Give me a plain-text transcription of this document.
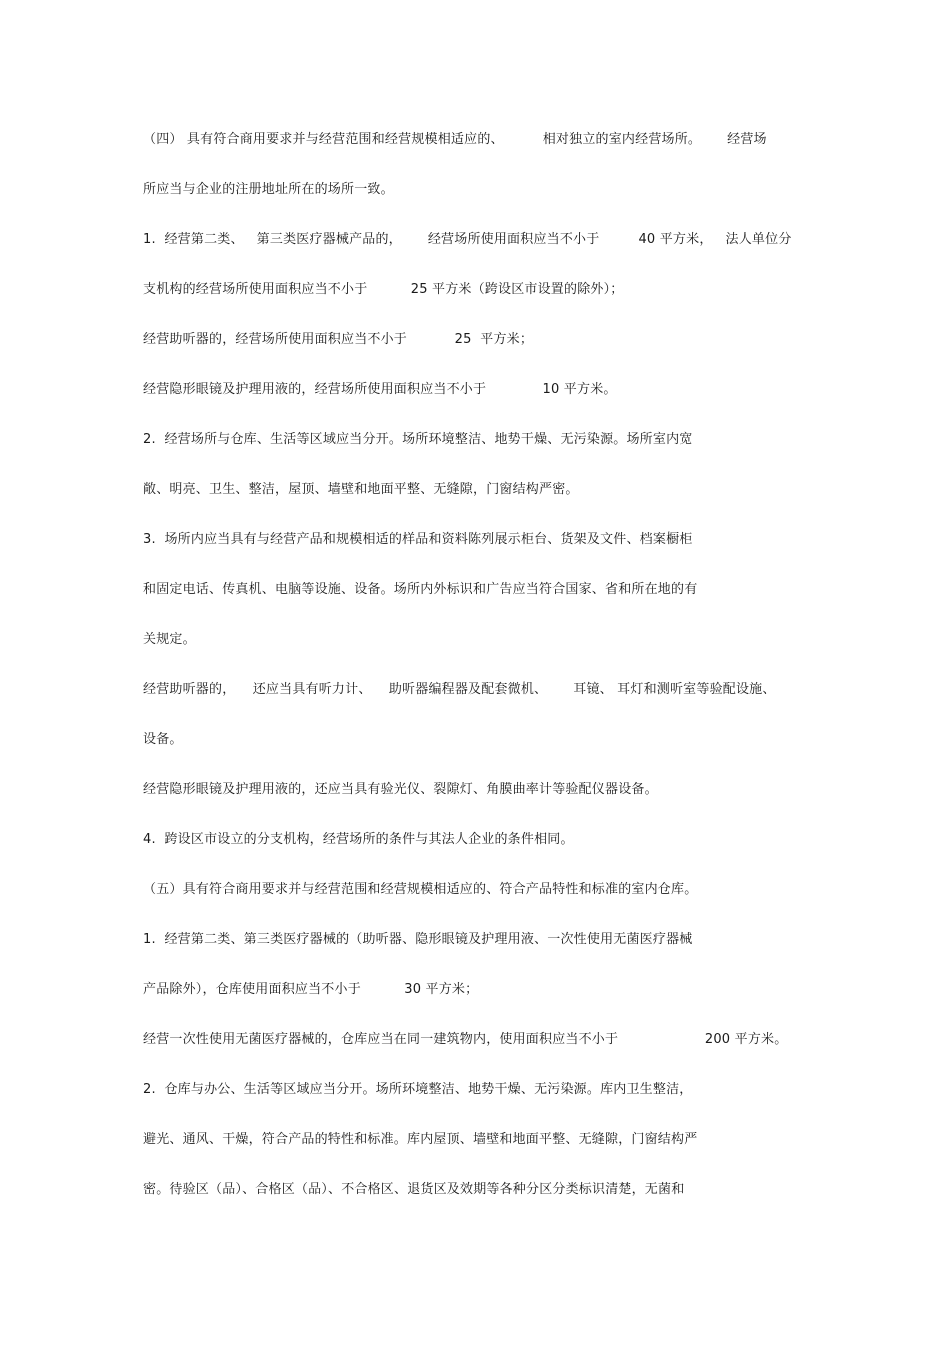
（四） 具有符合商用要求并与经营范围和经营规模相适应的、         相对独立的室内经营场所。      经营场
所应当与企业的注册地址所在的场所一致。
1.  经营第二类、   第三类医疗器械产品的，      经营场所使用面积应当不小于         40 平方米，   法人单位分
支机构的经营场所使用面积应当不小于          25 平方米（跨设区市设置的除外）；
经营助听器的，经营场所使用面积应当不小于           25  平方米；
经营隐形眼镜及护理用液的，经营场所使用面积应当不小于             10 平方米。
2.  经营场所与仓库、生活等区域应当分开。场所环境整洁、地势干燥、无污染源。场所室内宽
敞、明亮、卫生、整洁，屋顶、墙壁和地面平整、无缝隙，门窗结构严密。
3.  场所内应当具有与经营产品和规模相适的样品和资料陈列展示柜台、货架及文件、档案橱柜
和固定电话、传真机、电脑等设施、设备。场所内外标识和广告应当符合国家、省和所在地的有
关规定。
经营助听器的，    还应当具有听力计、    助听器编程器及配套微机、      耳镜、 耳灯和测听室等验配设施、
设备。
经营隐形眼镜及护理用液的，还应当具有验光仪、裂隙灯、角膜曲率计等验配仪器设备。
4.  跨设区市设立的分支机构，经营场所的条件与其法人企业的条件相同。
（五）具有符合商用要求并与经营范围和经营规模相适应的、符合产品特性和标准的室内仓库。
1.  经营第二类、第三类医疗器械的（助听器、隐形眼镜及护理用液、一次性使用无菌医疗器械
产品除外），仓库使用面积应当不小于          30 平方米；
经营一次性使用无菌医疗器械的，仓库应当在同一建筑物内，使用面积应当不小于                    200 平方米。
2.  仓库与办公、生活等区域应当分开。场所环境整洁、地势干燥、无污染源。库内卫生整洁，
避光、通风、干燥，符合产品的特性和标准。库内屋顶、墙壁和地面平整、无缝隙，门窗结构严
密。待验区（品）、合格区（品）、不合格区、退货区及效期等各种分区分类标识清楚，无菌和
